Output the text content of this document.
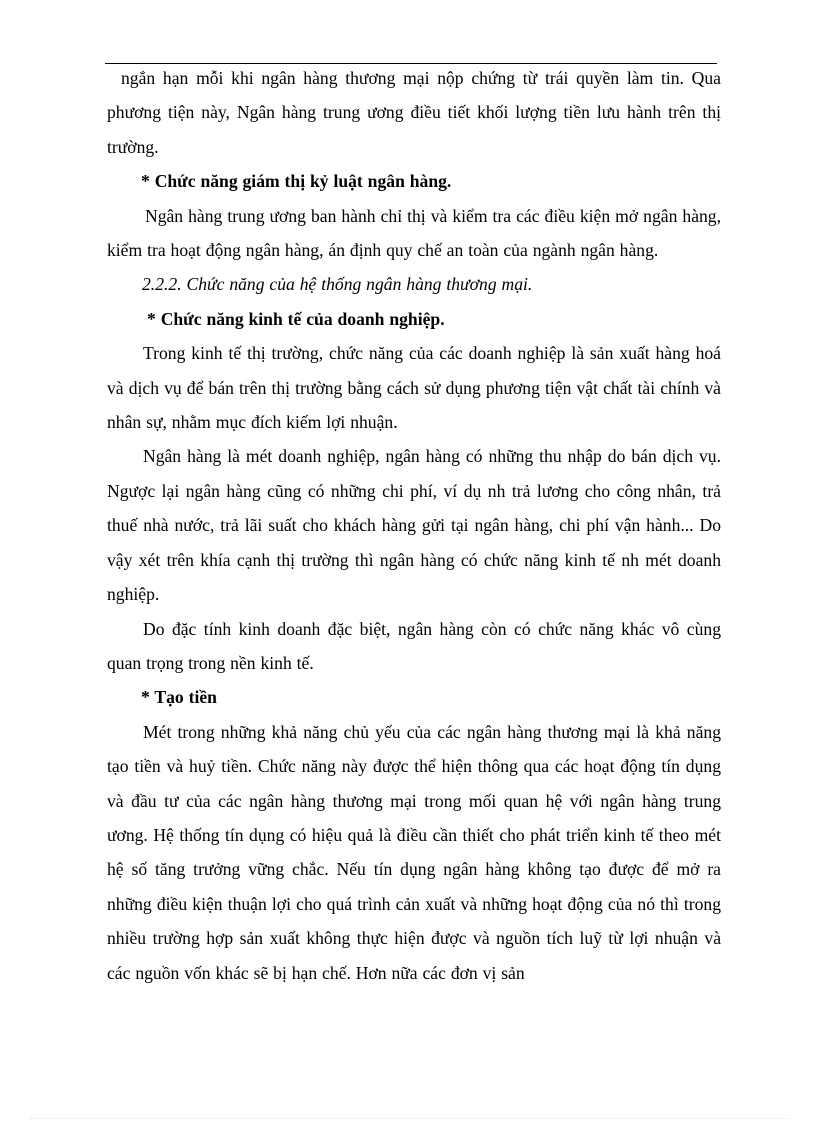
ngắn hạn mỗi khi ngân hàng thương mại nộp chứng từ trái quyền làm tin. Qua phương tiện này, Ngân hàng trung ương điều tiết khối lượng tiền lưu hành trên thị trường.

* Chức năng giám thị kỷ luật ngân hàng.

Ngân hàng trung ương ban hành chỉ thị và kiểm tra các điều kiện mở ngân hàng, kiểm tra hoạt động ngân hàng, án định quy chế an toàn của ngành ngân hàng.

2.2.2. Chức năng của hệ thống ngân hàng thương mại.

* Chức năng kinh tế của doanh nghiệp.

Trong kinh tế thị trường, chức năng của các doanh nghiệp là sản xuất hàng hoá và dịch vụ để bán trên thị trường bằng cách sử dụng phương tiện vật chất tài chính và nhân sự, nhằm mục đích kiếm lợi nhuận.

Ngân hàng là mét doanh nghiệp, ngân hàng có những thu nhập do bán dịch vụ. Ngược lại ngân hàng cũng có những chi phí, ví dụ nh trả lương cho công nhân, trả thuế nhà nước, trả lãi suất cho khách hàng gửi tại ngân hàng, chi phí vận hành... Do vậy xét trên khía cạnh thị trường thì ngân hàng có chức năng kinh tế nh mét doanh nghiệp.

Do đặc tính kinh doanh đặc biệt, ngân hàng còn có chức năng khác vô cùng quan trọng trong nền kinh tế.

* Tạo tiền

Mét trong những khả năng chủ yếu của các ngân hàng thương mại là khả năng tạo tiền và huỷ tiền. Chức năng này được thể hiện thông qua các hoạt động tín dụng và đầu tư của các ngân hàng thương mại trong mối quan hệ với ngân hàng trung ương. Hệ thống tín dụng có hiệu quả là điều cần thiết cho phát triển kinh tế theo mét hệ số tăng trưởng vững chắc. Nếu tín dụng ngân hàng không tạo được để mở ra những điều kiện thuận lợi cho quá trình cản xuất và những hoạt động của nó thì trong nhiều trường hợp sản xuất không thực hiện được và nguồn tích luỹ từ lợi nhuận và các nguồn vốn khác sẽ bị hạn chế. Hơn nữa các đơn vị sản
